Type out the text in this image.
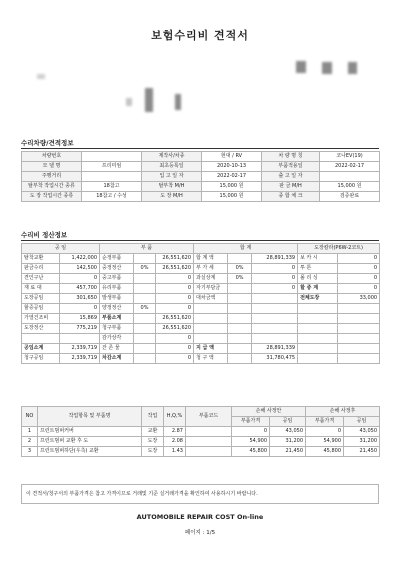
보험수리비 견적서
수리차량/견적정보
차량번호		제작사/차종	현대 / RV	차 량 명 칭	코나EV(19)
모 델 명	프리미엄	최초등록일	2020-10-13	부품적용일	2022-02-17
주행거리		입 고 일 자	2022-02-17	출 고 일 자	
탈부착 작업시간 종류	18참고	탈부착 M/H	15,000 원	판 금 M/H	15,000 원
도 장 작업시간 종류	18참고 / 수성	도 장 M/H	15,000 원	종 합 체 크	검증완료
수리비 정산정보
공 임		부 품			합 계			도장칼라(P6W-2코트)	
탈착교환	1,422,000	순정부품		26,551,620	합 계 액		28,891,339	보 카 시	0
판금수리	142,500	중정정산	0%	26,551,620	부 가 세	0%	0	투 톤	0
견인구난	0	중고부품		0	과실상계	0%	0	폴 리 싱	0
재 료 대	457,700	유리부품		0	자기부담금		0	할 증 계	0
도장공임	301,650	발생부품		0	대차금액			전체도장	33,000
할증공임	0	양정정산	0%	0					
가열건조비	15,869	부품소계		26,551,620					
도장정산	775,219	청구부품		26,551,620					
		감가상각		0					
공임소계	2,339,719	잔 존 물		0	지 급 액		28,891,339		
청구공임	2,339,719	차감소계		0	청 구 액		31,780,475		
NO	작업항목 및 부품명	작업	H,Q,%	부품코드	손해 사정안		손해 사정후	
					부품가격	공임	부품가격	공임
1	프런트범퍼커버	교환	2.87		0	43,050	0	43,050
2	프런트범퍼 교환 후 도	도장	2.08		54,900	31,200	54,900	31,200
3	프런트범퍼하단(우측) 교환	도장	1.43		45,800	21,450	45,800	21,450
이 견적서/청구서의 부품가격은 참고 가격이므로 거래및 기준 실거래가격을 확인하여 사용하시기 바랍니다.
AUTOMOBILE REPAIR COST On-line
페이지 : 1/5
